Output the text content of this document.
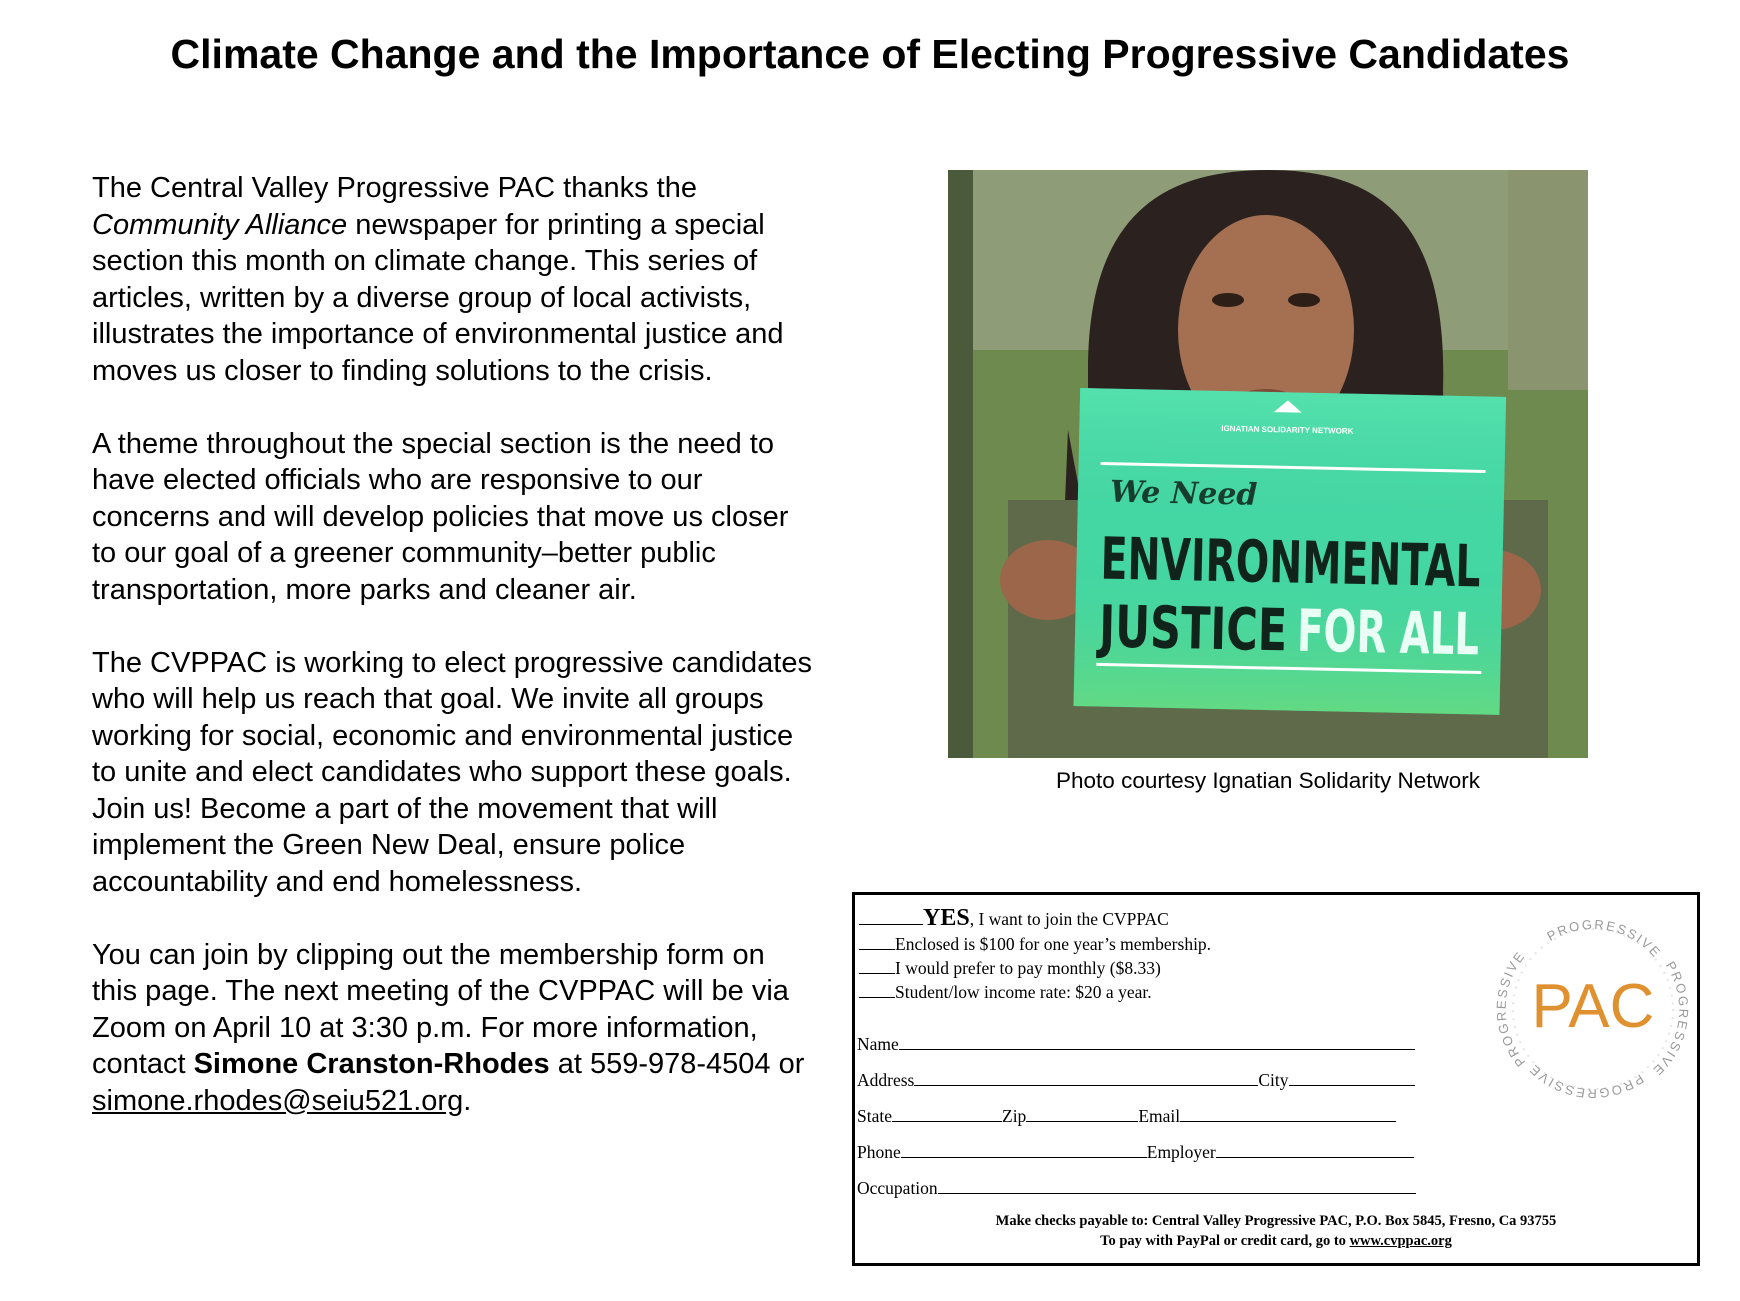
Climate Change and the Importance of Electing Progressive Candidates

The Central Valley Progressive PAC thanks the Community Alliance newspaper for printing a special section this month on climate change. This series of articles, written by a diverse group of local activists, illustrates the importance of environmental justice and moves us closer to finding solutions to the crisis.

A theme throughout the special section is the need to have elected officials who are responsive to our concerns and will develop policies that move us closer to our goal of a greener community–better public transportation, more parks and cleaner air.

The CVPPAC is working to elect progressive candidates who will help us reach that goal. We invite all groups working for social, economic and environmental justice to unite and elect candidates who support these goals. Join us! Become a part of the movement that will implement the Green New Deal, ensure police accountability and end homelessness.

You can join by clipping out the membership form on this page. The next meeting of the CVPPAC will be via Zoom on April 10 at 3:30 p.m. For more information, contact Simone Cranston-Rhodes at 559-978-4504 or simone.rhodes@seiu521.org.

IGNATIAN SOLIDARITY NETWORK
We Need
ENVIRONMENTAL
JUSTICE
FOR ALL
Photo courtesy Ignatian Solidarity Network
YES, I want to join the CVPPAC
Enclosed is $100 for one year’s membership.
I would prefer to pay monthly ($8.33)
Student/low income rate: $20 a year.
Name
Address	City
State	Zip	Email
Phone	Employer
Occupation
Make checks payable to: Central Valley Progressive PAC, P.O. Box 5845, Fresno, Ca 93755
To pay with PayPal or credit card, go to www.cvppac.org
PROGRESSIVE
PROGRESSIVE
PROGRESSIVE
PROGRESSIVE
PAC
